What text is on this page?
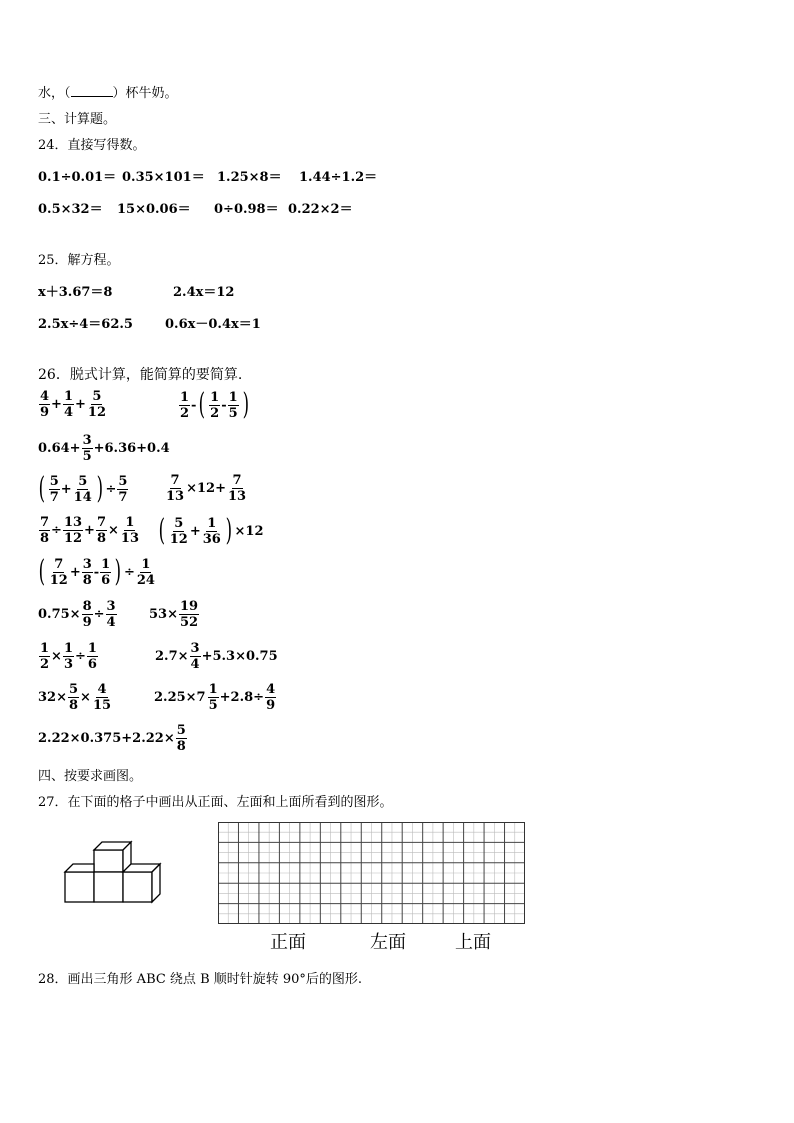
水，（	）杯牛奶。
三、计算题。
24．直接写得数。
0.1÷0.01＝ 0.35×101＝ 1.25×8＝ 1.44÷1.2＝
0.5×32＝ 15×0.06＝ 0÷0.98＝ 0.22×2＝
25．解方程。
x＋3.67＝8	2.4x＝12
2.5x÷4＝62.5 0.6x－0.4x＝1
26．脱式计算，能简算的要简算.
$\frac{4}{9} + \frac{1}{4} + \frac{5}{12}$	$\frac{1}{2}$ - ( $\frac{1}{2} - \frac{1}{5}$ )
$0.64+ \frac{3}{5} +6.36+0.4$
( $\frac{5}{7} + \frac{5}{14}$ ) ÷ $\frac{5}{7}$	$\frac{7}{13} \times 12+ \frac{7}{13}$
$\frac{7}{8} \div \frac{13}{12} + \frac{7}{8} \times \frac{1}{13}$ ( $\frac{5}{12} + \frac{1}{36}$ ) ×12
( $\frac{7}{12} + \frac{3}{8} - \frac{1}{6}$ ) ÷ $\frac{1}{24}$
$0.75\times \frac{8}{9} \div \frac{3}{4} 53\times \frac{19}{52}$
$\frac{1}{2} \times \frac{1}{3} \div \frac{1}{6}$	$2.7\times \frac{3}{4} +5.3\times 0.75$
$32\times \frac{5}{8} \times \frac{4}{15}$	$2.25\times 7 \frac{1}{5} +2.8\div \frac{4}{9}$
$2.22\times 0.375+2.22\times \frac{5}{8}$
四、按要求画图。
27．在下面的格子中画出从正面、左面和上面所看到的图形。
正面	左面	上面
28．画出三角形 ABC 绕点 B 顺时针旋转 90°后的图形.
